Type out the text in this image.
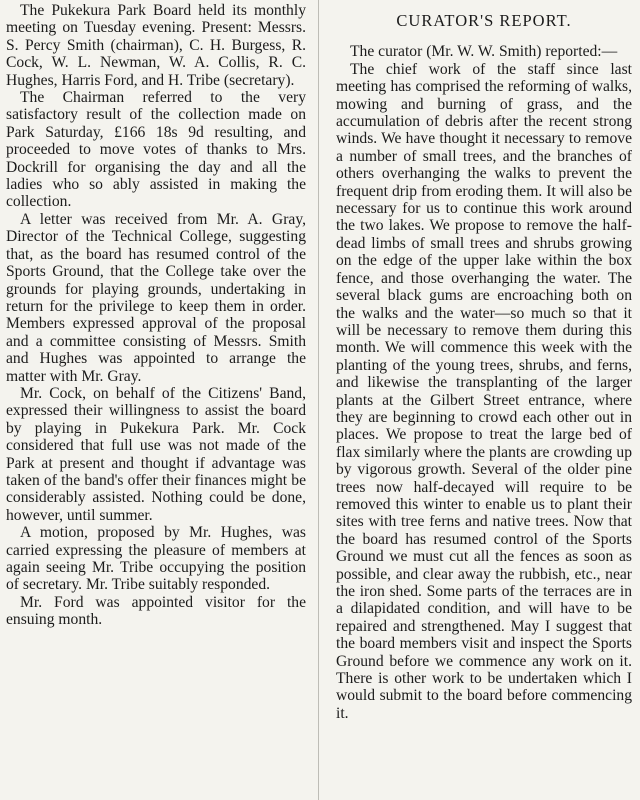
The Pukekura Park Board held its monthly meeting on Tuesday evening. Present: Messrs. S. Percy Smith (chairman), C. H. Burgess, R. Cock, W. L. Newman, W. A. Collis, R. C. Hughes, Harris Ford, and H. Tribe (secretary).

The Chairman referred to the very satisfactory result of the collection made on Park Saturday, £166 18s 9d resulting, and proceeded to move votes of thanks to Mrs. Dockrill for organising the day and all the ladies who so ably assisted in making the collection.

A letter was received from Mr. A. Gray, Director of the Technical College, suggesting that, as the board has resumed control of the Sports Ground, that the College take over the grounds for playing grounds, undertaking in return for the privilege to keep them in order. Members expressed approval of the proposal and a committee consisting of Messrs. Smith and Hughes was appointed to arrange the matter with Mr. Gray.

Mr. Cock, on behalf of the Citizens' Band, expressed their willingness to assist the board by playing in Pukekura Park. Mr. Cock considered that full use was not made of the Park at present and thought if advantage was taken of the band's offer their finances might be considerably assisted. Nothing could be done, however, until summer.

A motion, proposed by Mr. Hughes, was carried expressing the pleasure of members at again seeing Mr. Tribe occupying the position of secretary. Mr. Tribe suitably responded.

Mr. Ford was appointed visitor for the ensuing month.

CURATOR'S REPORT.

The curator (Mr. W. W. Smith) reported:—

The chief work of the staff since last meeting has comprised the reforming of walks, mowing and burning of grass, and the accumulation of debris after the recent strong winds. We have thought it necessary to remove a number of small trees, and the branches of others overhanging the walks to prevent the frequent drip from eroding them. It will also be necessary for us to continue this work around the two lakes. We propose to remove the half-dead limbs of small trees and shrubs growing on the edge of the upper lake within the box fence, and those overhanging the water. The several black gums are encroaching both on the walks and the water—so much so that it will be necessary to remove them during this month. We will commence this week with the planting of the young trees, shrubs, and ferns, and likewise the transplanting of the larger plants at the Gilbert Street entrance, where they are beginning to crowd each other out in places. We propose to treat the large bed of flax similarly where the plants are crowding up by vigorous growth. Several of the older pine trees now half-decayed will require to be removed this winter to enable us to plant their sites with tree ferns and native trees. Now that the board has resumed control of the Sports Ground we must cut all the fences as soon as possible, and clear away the rubbish, etc., near the iron shed. Some parts of the terraces are in a dilapidated condition, and will have to be repaired and strengthened. May I suggest that the board members visit and inspect the Sports Ground before we commence any work on it. There is other work to be undertaken which I would submit to the board before commencing it.
